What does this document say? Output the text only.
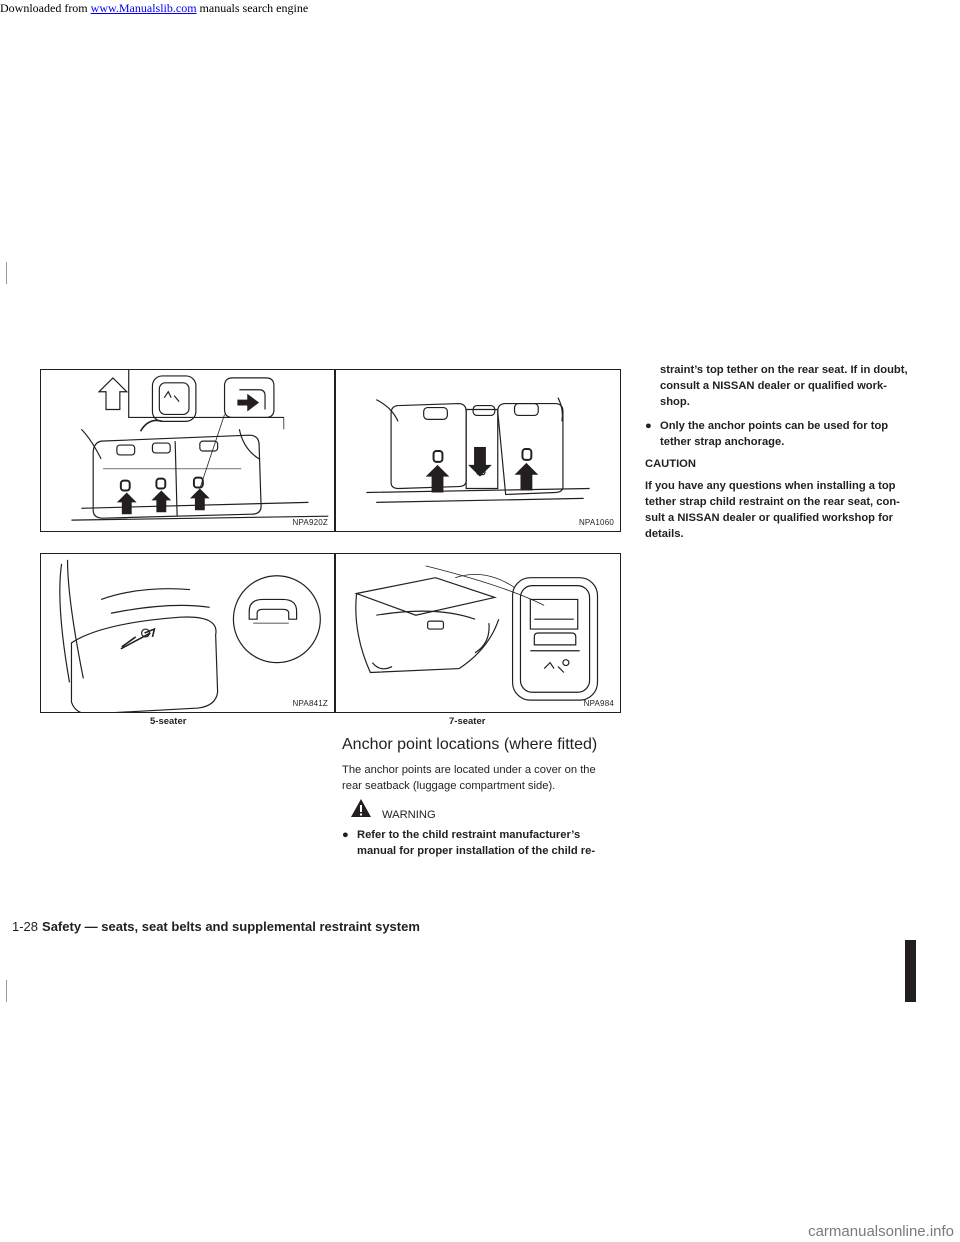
Downloaded from www.Manualslib.com manuals search engine
NPA920Z	NPA1060
NPA841Z	NPA984
5-seater	7-seater
Anchor point locations (where fitted)
The anchor points are located under a cover on the
rear seatback (luggage compartment side).
WARNING
● Refer to the child restraint manufacturer’s
manual for proper installation of the child re-
straint’s top tether on the rear seat. If in doubt,
consult a NISSAN dealer or qualified work-
shop.
● Only the anchor points can be used for top
tether strap anchorage.
CAUTION
If you have any questions when installing a top
tether strap child restraint on the rear seat, con-
sult a NISSAN dealer or qualified workshop for
details.
1-28 Safety — seats, seat belts and supplemental restraint system
carmanualsonline.info
